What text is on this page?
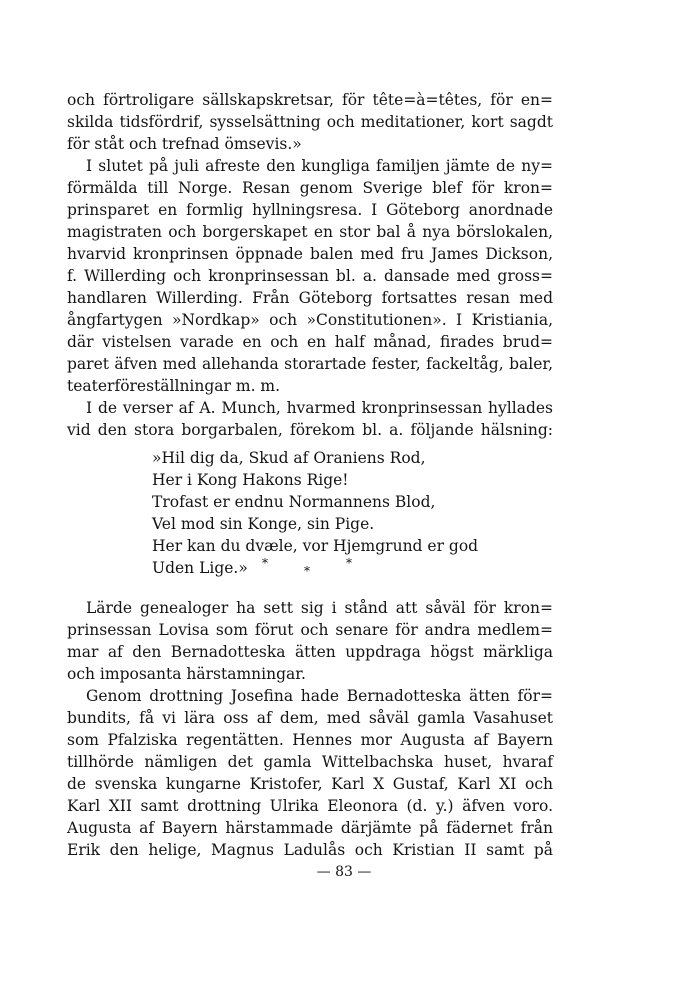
och förtroligare sällskapskretsar, för tête=à=têtes, för en=

skilda tidsfördrif, sysselsättning och meditationer, kort sagdt

för ståt och trefnad ömsevis.»

I slutet på juli afreste den kungliga familjen jämte de ny=

förmälda till Norge. Resan genom Sverige blef för kron=

prinsparet en formlig hyllningsresa. I Göteborg anordnade

magistraten och borgerskapet en stor bal å nya börslokalen,

hvarvid kronprinsen öppnade balen med fru James Dickson,

f. Willerding och kronprinsessan bl. a. dansade med gross=

handlaren Willerding. Från Göteborg fortsattes resan med

ångfartygen »Nordkap» och »Constitutionen». I Kristiania,

där vistelsen varade en och en half månad, firades brud=

paret äfven med allehanda storartade fester, fackeltåg, baler,

teaterföreställningar m. m.

I de verser af A. Munch, hvarmed kronprinsessan hyllades

vid den stora borgarbalen, förekom bl. a. följande hälsning:

»Hil dig da, Skud af Oraniens Rod,

Her i Kong Hakons Rige!

Trofast er endnu Normannens Blod,

Vel mod sin Konge, sin Pige.

Her kan du dvæle, vor Hjemgrund er god

Uden Lige.» *
*
*

Lärde genealoger ha sett sig i stånd att såväl för kron=

prinsessan Lovisa som förut och senare för andra medlem=

mar af den Bernadotteska ätten uppdraga högst märkliga

och imposanta härstamningar.

Genom drottning Josefina hade Bernadotteska ätten för=

bundits, få vi lära oss af dem, med såväl gamla Vasahuset

som Pfalziska regentätten. Hennes mor Augusta af Bayern

tillhörde nämligen det gamla Wittelbachska huset, hvaraf

de svenska kungarne Kristofer, Karl X Gustaf, Karl XI och

Karl XII samt drottning Ulrika Eleonora (d. y.) äfven voro.

Augusta af Bayern härstammade därjämte på fädernet från

Erik den helige, Magnus Ladulås och Kristian II samt på

— 83 —
